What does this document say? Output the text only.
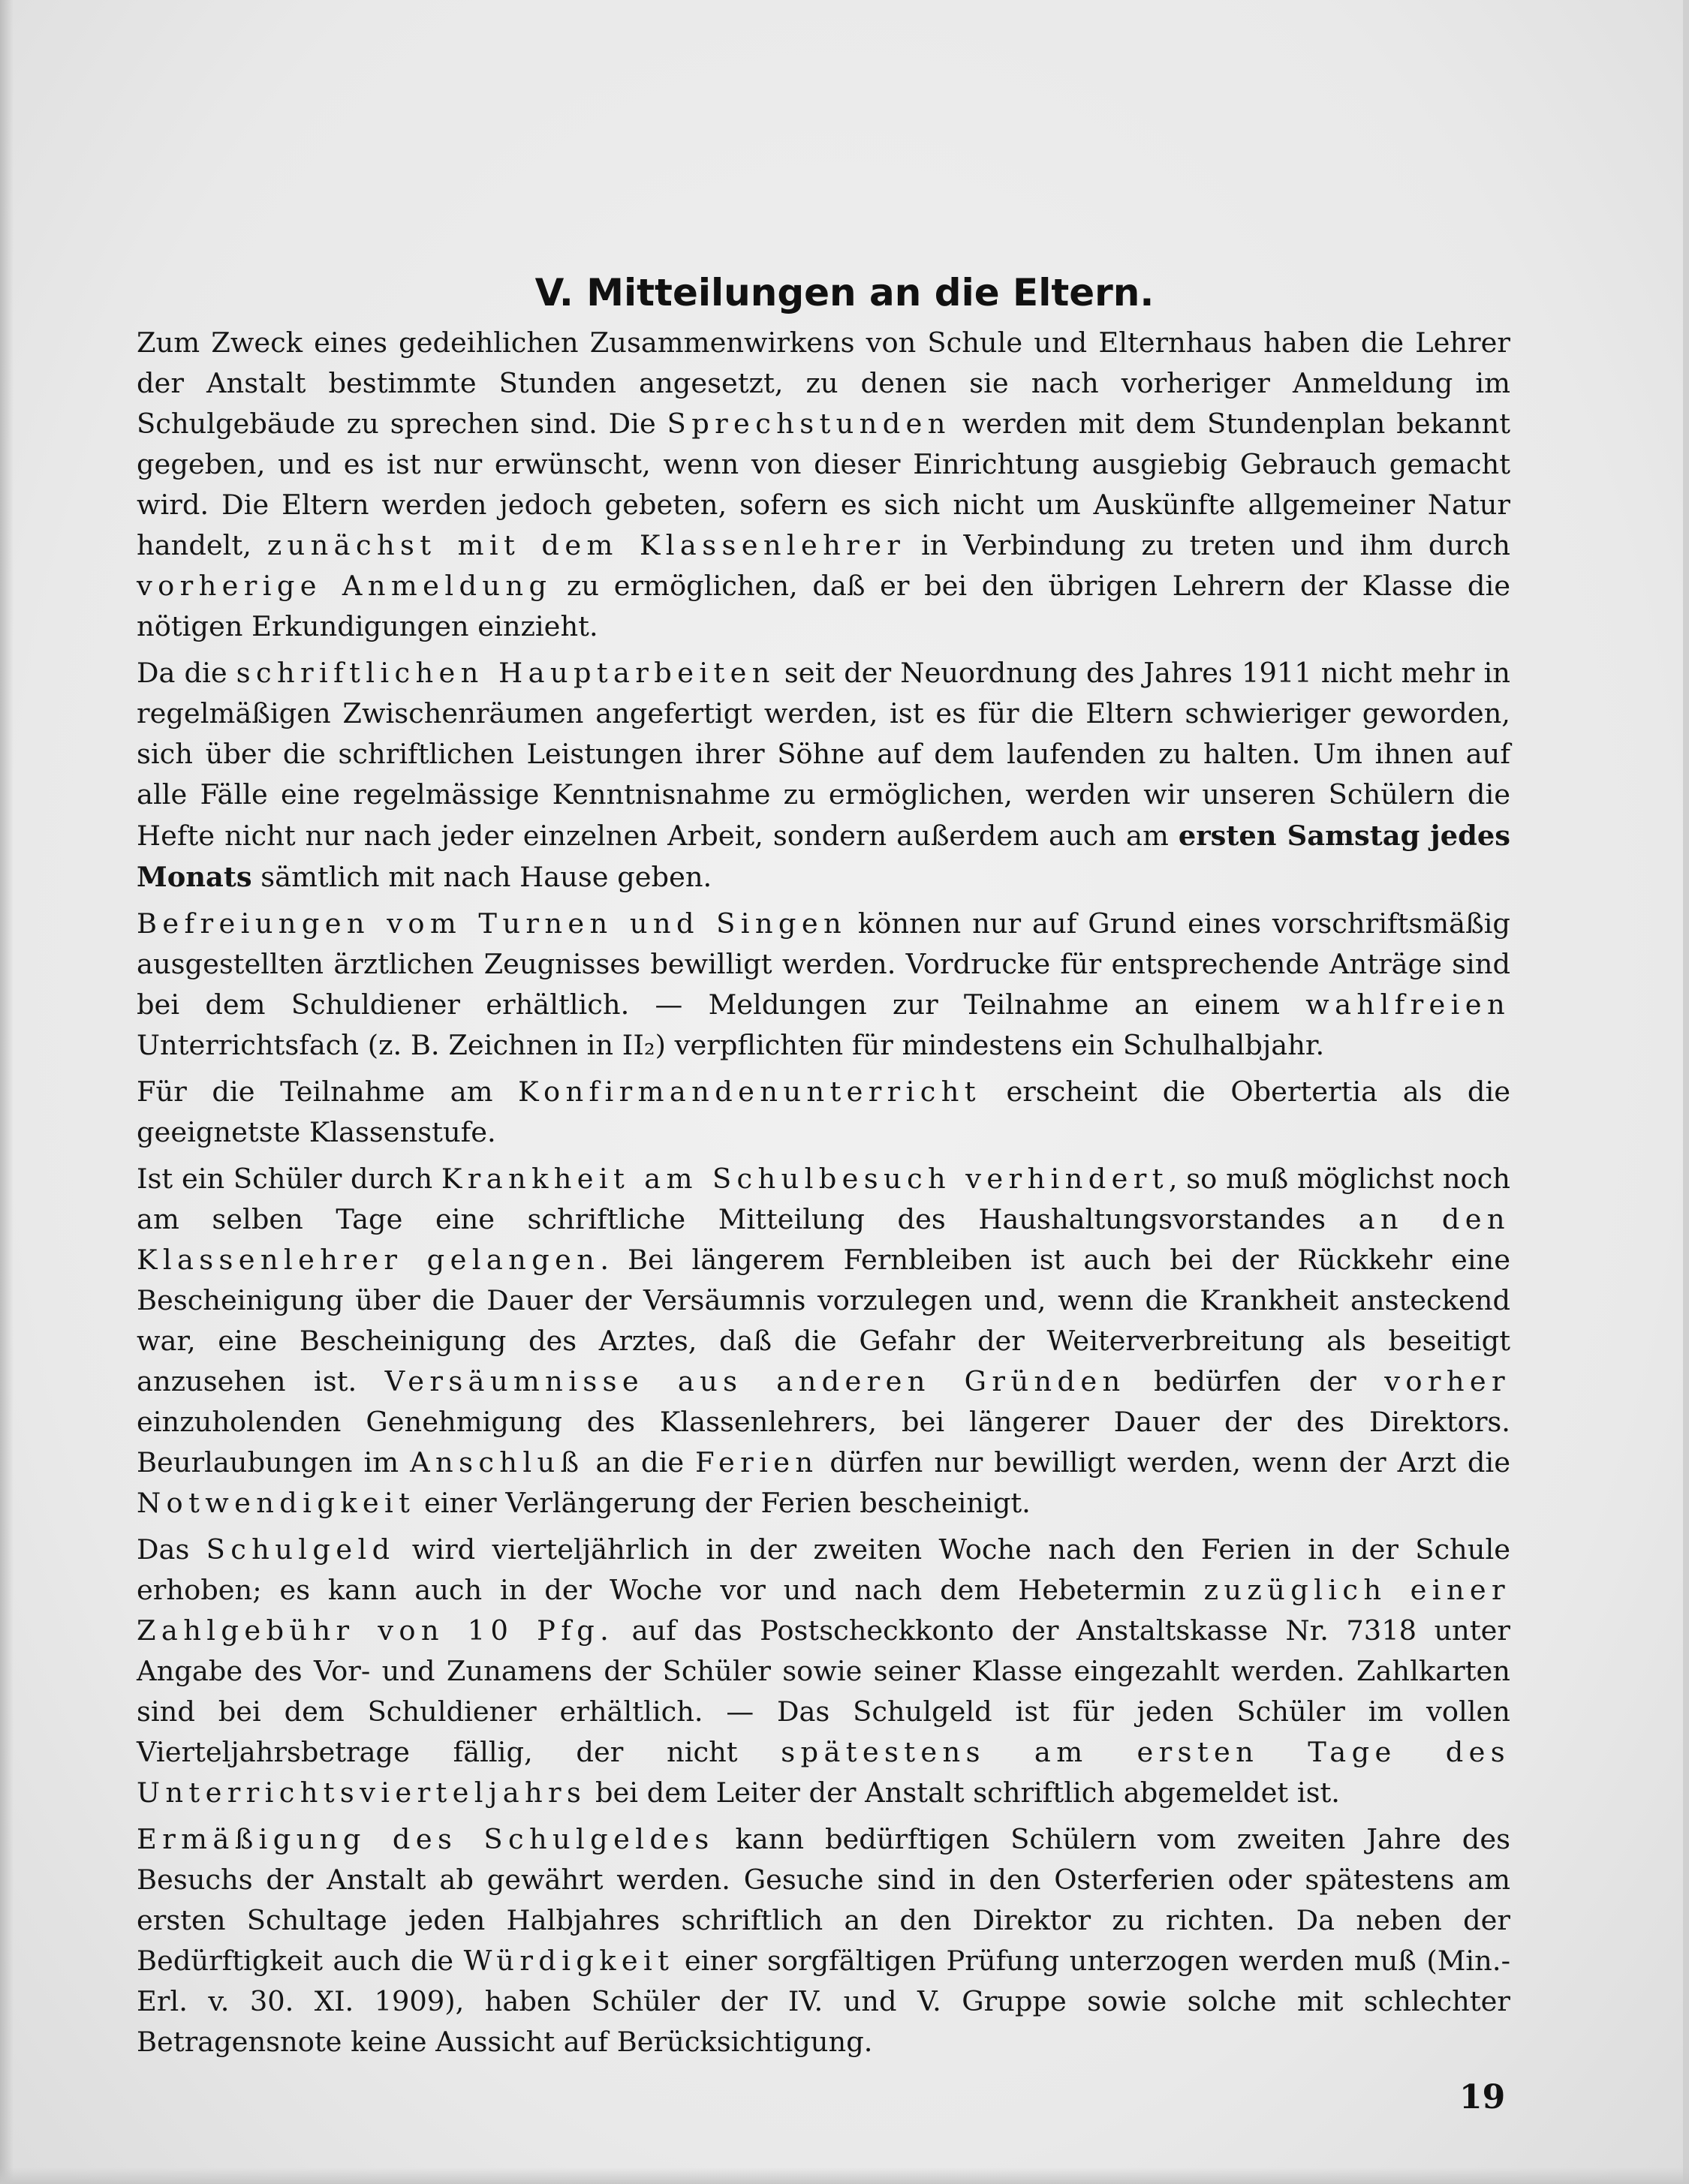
V. Mitteilungen an die Eltern.

Zum Zweck eines gedeihlichen Zusammenwirkens von Schule und Elternhaus haben die Lehrer der Anstalt bestimmte Stunden angesetzt, zu denen sie nach vorheriger Anmeldung im Schulgebäude zu sprechen sind. Die Sprechstunden werden mit dem Stundenplan bekannt gegeben, und es ist nur erwünscht, wenn von dieser Einrichtung ausgiebig Gebrauch gemacht wird. Die Eltern werden jedoch gebeten, sofern es sich nicht um Auskünfte allgemeiner Natur handelt, zunächst mit dem Klassenlehrer in Verbindung zu treten und ihm durch vorherige Anmeldung zu ermöglichen, daß er bei den übrigen Lehrern der Klasse die nötigen Erkundigungen einzieht.

Da die schriftlichen Hauptarbeiten seit der Neuordnung des Jahres 1911 nicht mehr in regelmäßigen Zwischenräumen angefertigt werden, ist es für die Eltern schwieriger geworden, sich über die schriftlichen Leistungen ihrer Söhne auf dem laufenden zu halten. Um ihnen auf alle Fälle eine regelmässige Kenntnisnahme zu ermöglichen, werden wir unseren Schülern die Hefte nicht nur nach jeder einzelnen Arbeit, sondern außerdem auch am ersten Samstag jedes Monats sämtlich mit nach Hause geben.

Befreiungen vom Turnen und Singen können nur auf Grund eines vorschriftsmäßig ausgestellten ärztlichen Zeugnisses bewilligt werden. Vordrucke für entsprechende Anträge sind bei dem Schuldiener erhältlich. — Meldungen zur Teilnahme an einem wahlfreien Unterrichtsfach (z. B. Zeichnen in II₂) verpflichten für mindestens ein Schulhalbjahr.

Für die Teilnahme am Konfirmandenunterricht erscheint die Obertertia als die geeignetste Klassenstufe.

Ist ein Schüler durch Krankheit am Schulbesuch verhindert, so muß möglichst noch am selben Tage eine schriftliche Mitteilung des Haushaltungsvorstandes an den Klassenlehrer gelangen. Bei längerem Fernbleiben ist auch bei der Rückkehr eine Bescheinigung über die Dauer der Versäumnis vorzulegen und, wenn die Krankheit ansteckend war, eine Bescheinigung des Arztes, daß die Gefahr der Weiterverbreitung als beseitigt anzusehen ist. Versäumnisse aus anderen Gründen bedürfen der vorher einzuholenden Genehmigung des Klassenlehrers, bei längerer Dauer der des Direktors. Beurlaubungen im Anschluß an die Ferien dürfen nur bewilligt werden, wenn der Arzt die Notwendigkeit einer Verlängerung der Ferien bescheinigt.

Das Schulgeld wird vierteljährlich in der zweiten Woche nach den Ferien in der Schule erhoben; es kann auch in der Woche vor und nach dem Hebetermin zuzüglich einer Zahlgebühr von 10 Pfg. auf das Postscheckkonto der Anstaltskasse Nr. 7318 unter Angabe des Vor- und Zunamens der Schüler sowie seiner Klasse eingezahlt werden. Zahlkarten sind bei dem Schuldiener erhältlich. — Das Schulgeld ist für jeden Schüler im vollen Vierteljahrsbetrage fällig, der nicht spätestens am ersten Tage des Unterrichtsvierteljahrs bei dem Leiter der Anstalt schriftlich abgemeldet ist.

Ermäßigung des Schulgeldes kann bedürftigen Schülern vom zweiten Jahre des Besuchs der Anstalt ab gewährt werden. Gesuche sind in den Osterferien oder spätestens am ersten Schultage jeden Halbjahres schriftlich an den Direktor zu richten. Da neben der Bedürftigkeit auch die Würdigkeit einer sorgfältigen Prüfung unterzogen werden muß (Min.-Erl. v. 30. XI. 1909), haben Schüler der IV. und V. Gruppe sowie solche mit schlechter Betragensnote keine Aussicht auf Berücksichtigung.

19
